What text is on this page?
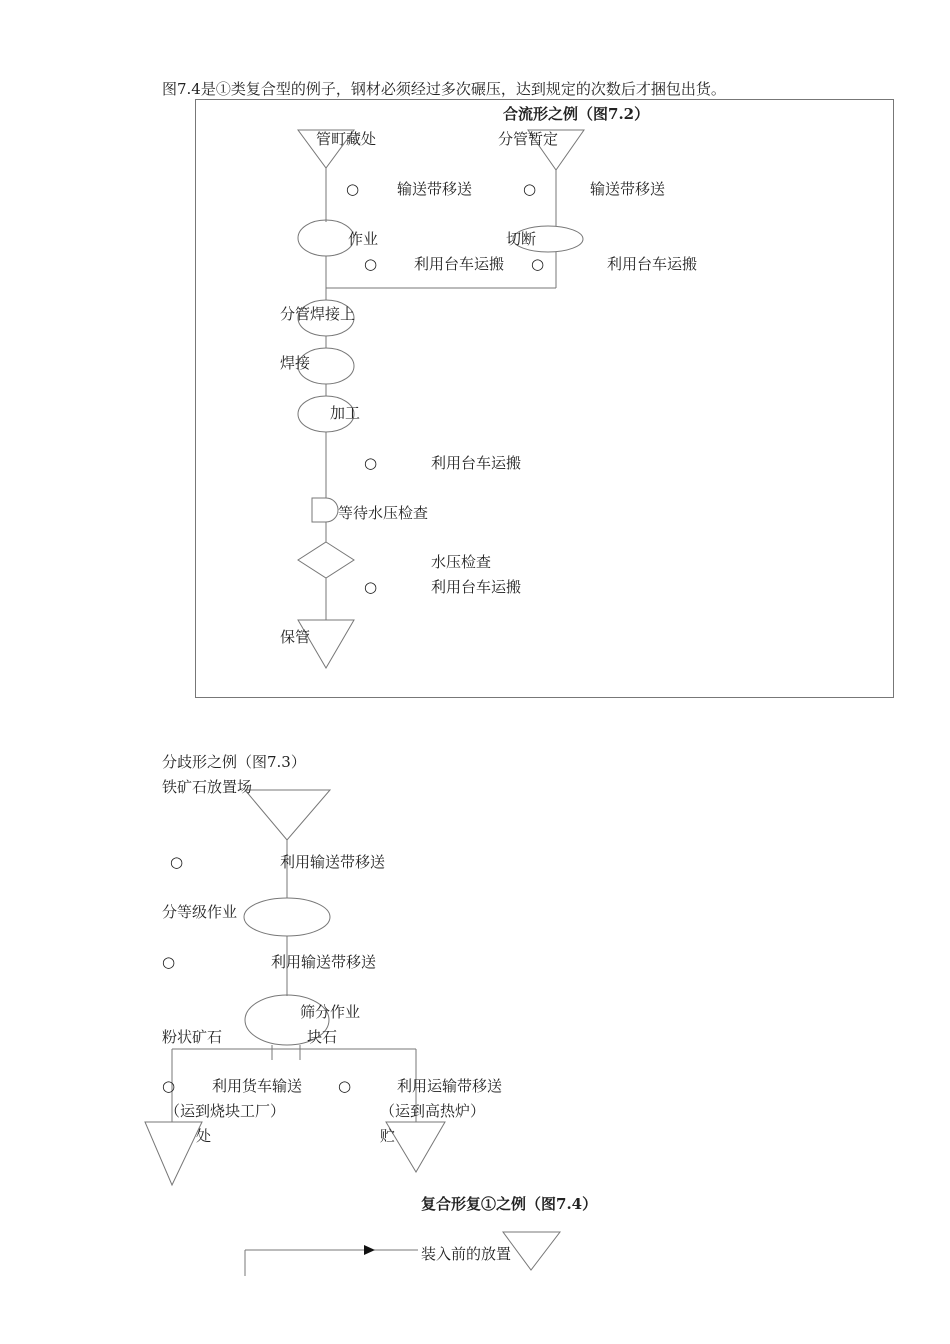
图7.4是①类复合型的例子，钢材必须经过多次碾压，达到规定的次数后才捆包出货。
合流形之例（图7.2）
管町藏处	分管暂定
○	输送带移送	○	输送带移送
作业	切断
○ 利用台车运搬 ○	利用台车运搬
分管焊接上
焊接
加工
○	利用台车运搬
等待水压检查
水压检查
○	利用台车运搬
保管
分歧形之例（图7.3）
铁矿石放置场
○	利用输送带移送
分等级作业
○	利用输送带移送
筛分作业
粉状矿石	块石
○ 利用货车输送 ○	利用运输带移送
（运到烧块工厂）	（运到高热炉）
处	贮
复合形复①之例（图7.4）
装入前的放置
